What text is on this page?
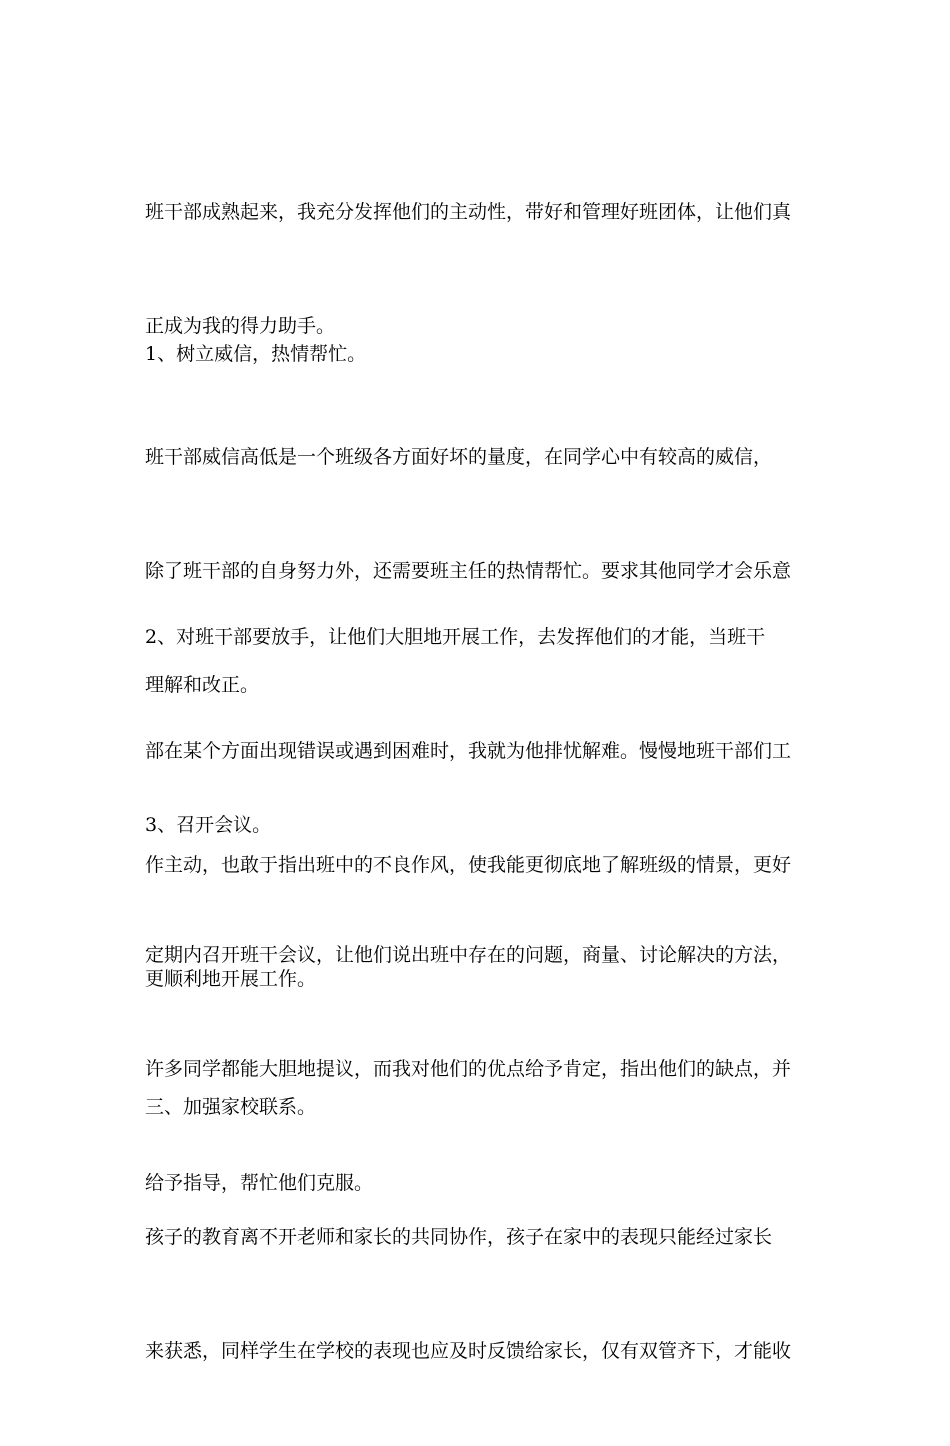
班干部成熟起来，我充分发挥他们的主动性，带好和管理好班团体，让他们真

正成为我的得力助手。

1、树立威信，热情帮忙。

班干部威信高低是一个班级各方面好坏的量度，在同学心中有较高的威信，

除了班干部的自身努力外，还需要班主任的热情帮忙。要求其他同学才会乐意

理解和改正。

2、对班干部要放手，让他们大胆地开展工作，去发挥他们的才能，当班干

部在某个方面出现错误或遇到困难时，我就为他排忧解难。慢慢地班干部们工

作主动，也敢于指出班中的不良作风，使我能更彻底地了解班级的情景，更好

更顺利地开展工作。

3、召开会议。

定期内召开班干会议，让他们说出班中存在的问题，商量、讨论解决的方法，

许多同学都能大胆地提议，而我对他们的优点给予肯定，指出他们的缺点，并

给予指导，帮忙他们克服。

三、加强家校联系。

孩子的教育离不开老师和家长的共同协作，孩子在家中的表现只能经过家长

来获悉，同样学生在学校的表现也应及时反馈给家长，仅有双管齐下，才能收
